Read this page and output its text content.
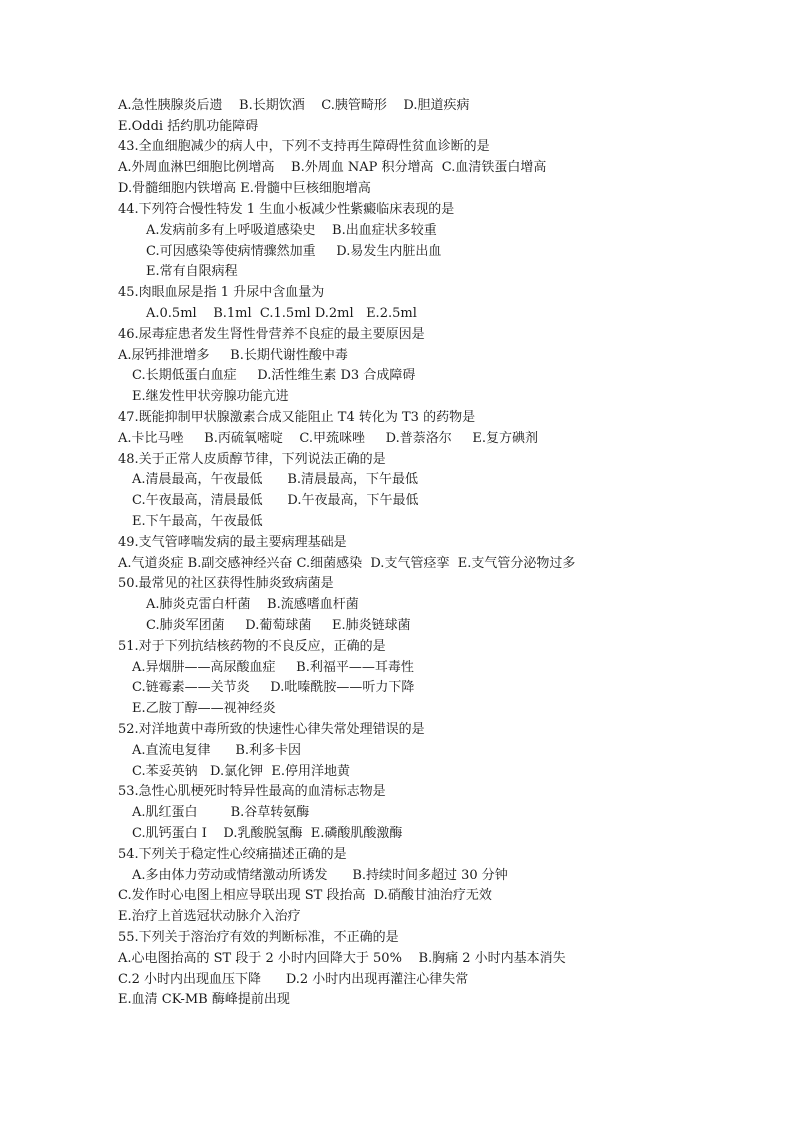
A.急性胰腺炎后遗    B.长期饮酒    C.胰管畸形    D.胆道疾病

E.Oddi 括约肌功能障碍

43.全血细胞减少的病人中，下列不支持再生障碍性贫血诊断的是

A.外周血淋巴细胞比例增高    B.外周血 NAP 积分增高  C.血清铁蛋白增高

D.骨髓细胞内铁增高 E.骨髓中巨核细胞增高

44.下列符合慢性特发 1 生血小板减少性紫癜临床表现的是

A.发病前多有上呼吸道感染史    B.出血症状多较重

C.可因感染等使病情骤然加重     D.易发生内脏出血

E.常有自限病程

45.肉眼血尿是指 1 升尿中含血量为

A.0.5ml    B.1ml  C.1.5ml D.2ml   E.2.5ml

46.尿毒症患者发生肾性骨营养不良症的最主要原因是

A.尿钙排泄增多     B.长期代谢性酸中毒

C.长期低蛋白血症     D.活性维生素 D3 合成障碍

E.继发性甲状旁腺功能亢进

47.既能抑制甲状腺激素合成又能阻止 T4 转化为 T3 的药物是

A.卡比马唑     B.丙硫氧嘧啶    C.甲巯咪唑     D.普萘洛尔     E.复方碘剂

48.关于正常人皮质醇节律，下列说法正确的是

A.清晨最高，午夜最低      B.清晨最高，下午最低

C.午夜最高，清晨最低      D.午夜最高，下午最低

E.下午最高，午夜最低

49.支气管哮喘发病的最主要病理基础是

A.气道炎症 B.副交感神经兴奋 C.细菌感染  D.支气管痉挛  E.支气管分泌物过多

50.最常见的社区获得性肺炎致病菌是

A.肺炎克雷白杆菌    B.流感嗜血杆菌

C.肺炎军团菌     D.葡萄球菌     E.肺炎链球菌

51.对于下列抗结核药物的不良反应，正确的是

A.异烟肼——高尿酸血症     B.利福平——耳毒性

C.链霉素——关节炎     D.吡嗪酰胺——听力下降

E.乙胺丁醇——视神经炎

52.对洋地黄中毒所致的快速性心律失常处理错误的是

A.直流电复律      B.利多卡因

C.苯妥英钠   D.氯化钾  E.停用洋地黄

53.急性心肌梗死时特异性最高的血清标志物是

A.肌红蛋白        B.谷草转氨酶

C.肌钙蛋白 I    D.乳酸脱氢酶  E.磷酸肌酸激酶

54.下列关于稳定性心绞痛描述正确的是

A.多由体力劳动或情绪激动所诱发      B.持续时间多超过 30 分钟

C.发作时心电图上相应导联出现 ST 段抬高  D.硝酸甘油治疗无效

E.治疗上首选冠状动脉介入治疗

55.下列关于溶治疗有效的判断标准，不正确的是

A.心电图抬高的 ST 段于 2 小时内回降大于 50%    B.胸痛 2 小时内基本消失

C.2 小时内出现血压下降      D.2 小时内出现再灌注心律失常

E.血清 CK-MB 酶峰提前出现
